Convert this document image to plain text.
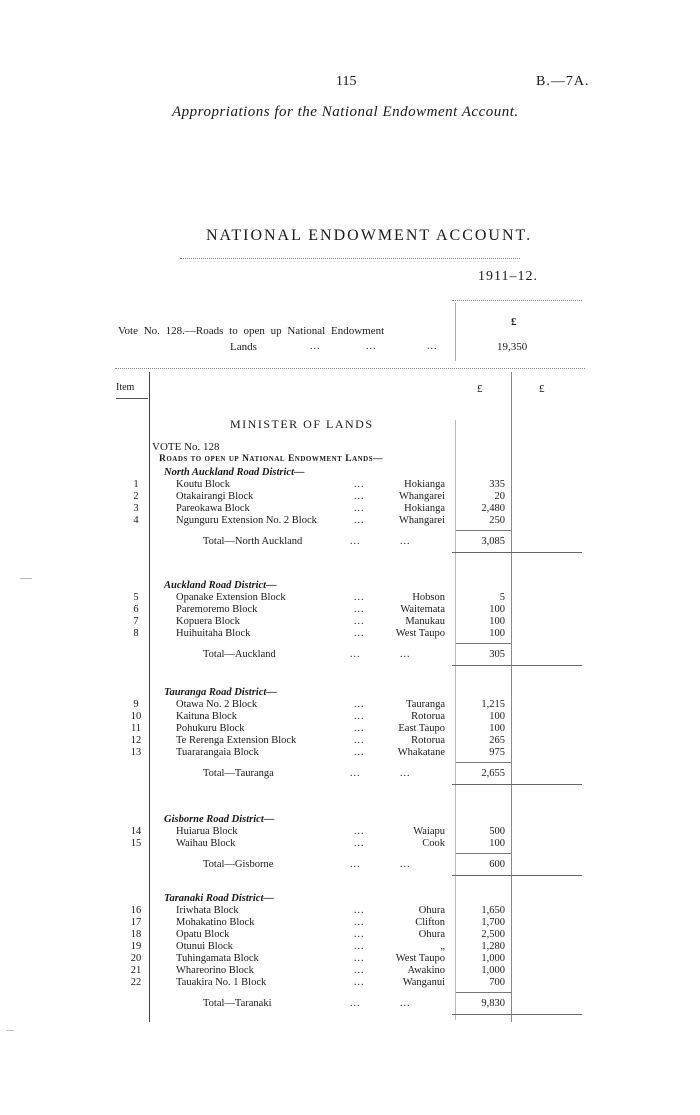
115	B.—7A.
Appropriations for the National Endowment Account.
NATIONAL ENDOWMENT ACCOUNT.
1911–12.
£
Vote No. 128.—Roads to open up National Endowment
Lands	...	...	...	19,350
Item	£	£
MINISTER OF LANDS
VOTE No. 128
Roads to open up National Endowment Lands—
North Auckland Road District—
1	Koutu Block	...	Hokianga	335
2	Otakairangi Block	...	Whangarei	20
3	Pareokawa Block	...	Hokianga	2,480
4	Ngunguru Extension No. 2 Block	...	Whangarei	250
Total—North Auckland	...	...	3,085
Auckland Road District—
5	Opanake Extension Block	...	Hobson	5
6	Paremoremo Block	...	Waitemata	100
7	Kopuera Block	...	Manukau	100
8	Huihuitaha Block	...	West Taupo	100
Total—Auckland	...	...	305
Tauranga Road District—
9	Otawa No. 2 Block	...	Tauranga	1,215
10	Kaituna Block	...	Rotorua	100
11	Pohukuru Block	...	East Taupo	100
12	Te Rerenga Extension Block	...	Rotorua	265
13	Tuararangaia Block	...	Whakatane	975
Total—Tauranga	...	...	2,655
Gisborne Road District—
14	Huiarua Block	...	Waiapu	500
15	Waihau Block	...	Cook	100
Total—Gisborne	...	...	600
Taranaki Road District—
16	Iriwhata Block	...	Ohura	1,650
17	Mohakatino Block	...	Clifton	1,700
18	Opatu Block	...	Ohura	2,500
19	Otunui Block	...	„	1,280
20	Tuhingamata Block	...	West Taupo	1,000
21	Whareorino Block	...	Awakino	1,000
22	Tauakira No. 1 Block	...	Wanganui	700
Total—Taranaki	...	...	9,830
